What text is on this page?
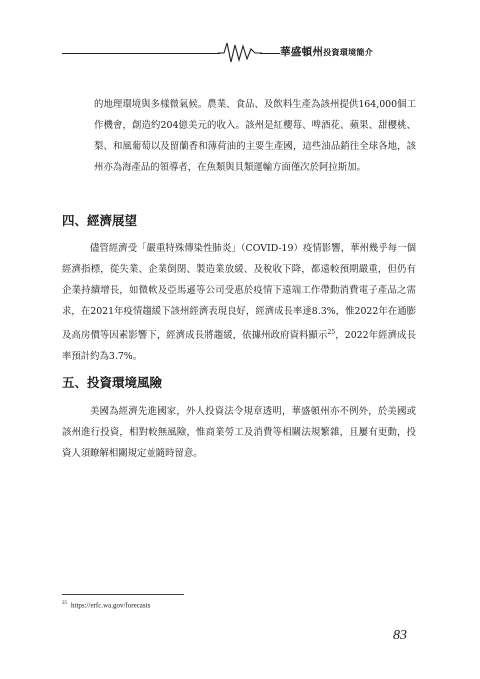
華盛頓州投資環境簡介

的地理環境與多樣微氣候。農業、食品、及飲料生產為該州提供164,000個工作機會，創造約204億美元的收入。該州是紅櫻莓、啤酒花、蘋果、甜櫻桃、梨、和風葡萄以及留蘭香和薄荷油的主要生產國，這些油品銷往全球各地，該州亦為海產品的領導者，在魚類與貝類運輸方面僅次於阿拉斯加。

四、經濟展望

儘管經濟受「嚴重特殊傳染性肺炎」（COVID-19）疫情影響，華州幾乎每一個經濟指標，從失業、企業倒閉、製造業放緩、及稅收下降，都遠較預期嚴重，但仍有企業持續增長，如微軟及亞馬遜等公司受惠於疫情下遠端工作帶動消費電子產品之需求，在2021年疫情趨緩下該州經濟表現良好，經濟成長率達8.3%，惟2022年在通膨及高房價等因素影響下，經濟成長將趨緩，依據州政府資料顯示$^{25}$，2022年經濟成長率預計約為3.7%。

五、投資環境風險

美國為經濟先進國家，外人投資法令規章透明，華盛頓州亦不例外，於美國或該州進行投資，相對較無風險，惟商業勞工及消費等相關法規繁雜，且屢有更動，投資人須瞭解相關規定並隨時留意。

$^{25}$ https://erfc.wa.gov/forecasts

83
